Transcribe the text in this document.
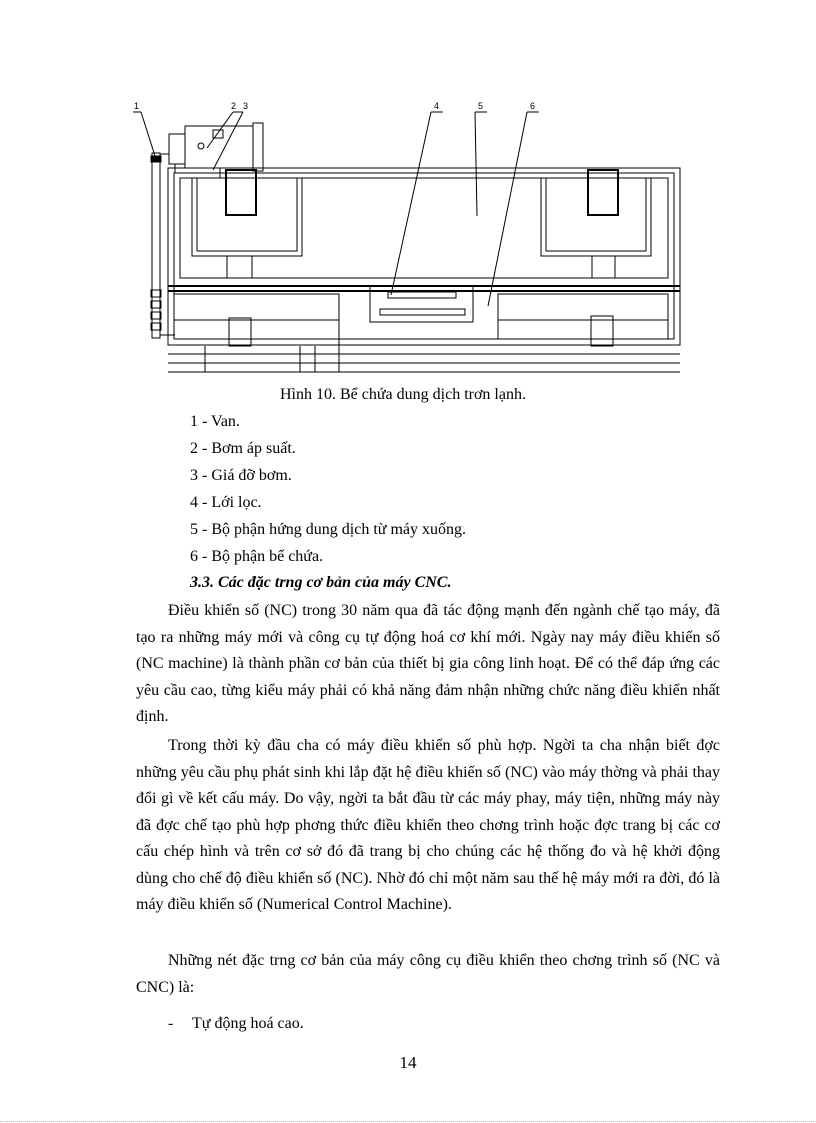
1	2 3	4	5	6
Hình 10. Bể chứa dung dịch trơn lạnh.
1 - Van.
2 - Bơm áp suất.
3 - Giá đỡ bơm.
4 - Lới lọc.
5 - Bộ phận hứng dung dịch từ máy xuống.
6 - Bộ phận bể chứa.
3.3. Các đặc trng cơ bản của máy CNC.

Điều khiển số (NC) trong 30 năm qua đã tác động mạnh đến ngành chế tạo máy, đã tạo ra những máy mới và công cụ tự động hoá cơ khí mới. Ngày nay máy điều khiển số (NC machine) là thành phần cơ bản của thiết bị gia công linh hoạt. Để có thể đáp ứng các yêu cầu cao, từng kiểu máy phải có khả năng đảm nhận những chức năng điều khiển nhất định.

Trong thời kỳ đầu cha có máy điều khiển số phù hợp. Ngời ta cha nhận biết đợc những yêu cầu phụ phát sinh khi lắp đặt hệ điều khiển số (NC) vào máy thờng và phải thay đổi gì về kết cấu máy. Do vậy, ngời ta bắt đầu từ các máy phay, máy tiện, những máy này đã đợc chế tạo phù hợp phơng thức điều khiển theo chơng trình hoặc đợc trang bị các cơ cấu chép hình và trên cơ sở đó đã trang bị cho chúng các hệ thống đo và hệ khởi động dùng cho chế độ điều khiển số (NC). Nhờ đó chỉ một năm sau thế hệ máy mới ra đời, đó là máy điều khiển số (Numerical Control Machine).

Những nét đặc trng cơ bản của máy công cụ điều khiển theo chơng trình số (NC và CNC) là:

- Tự động hoá cao.
14
